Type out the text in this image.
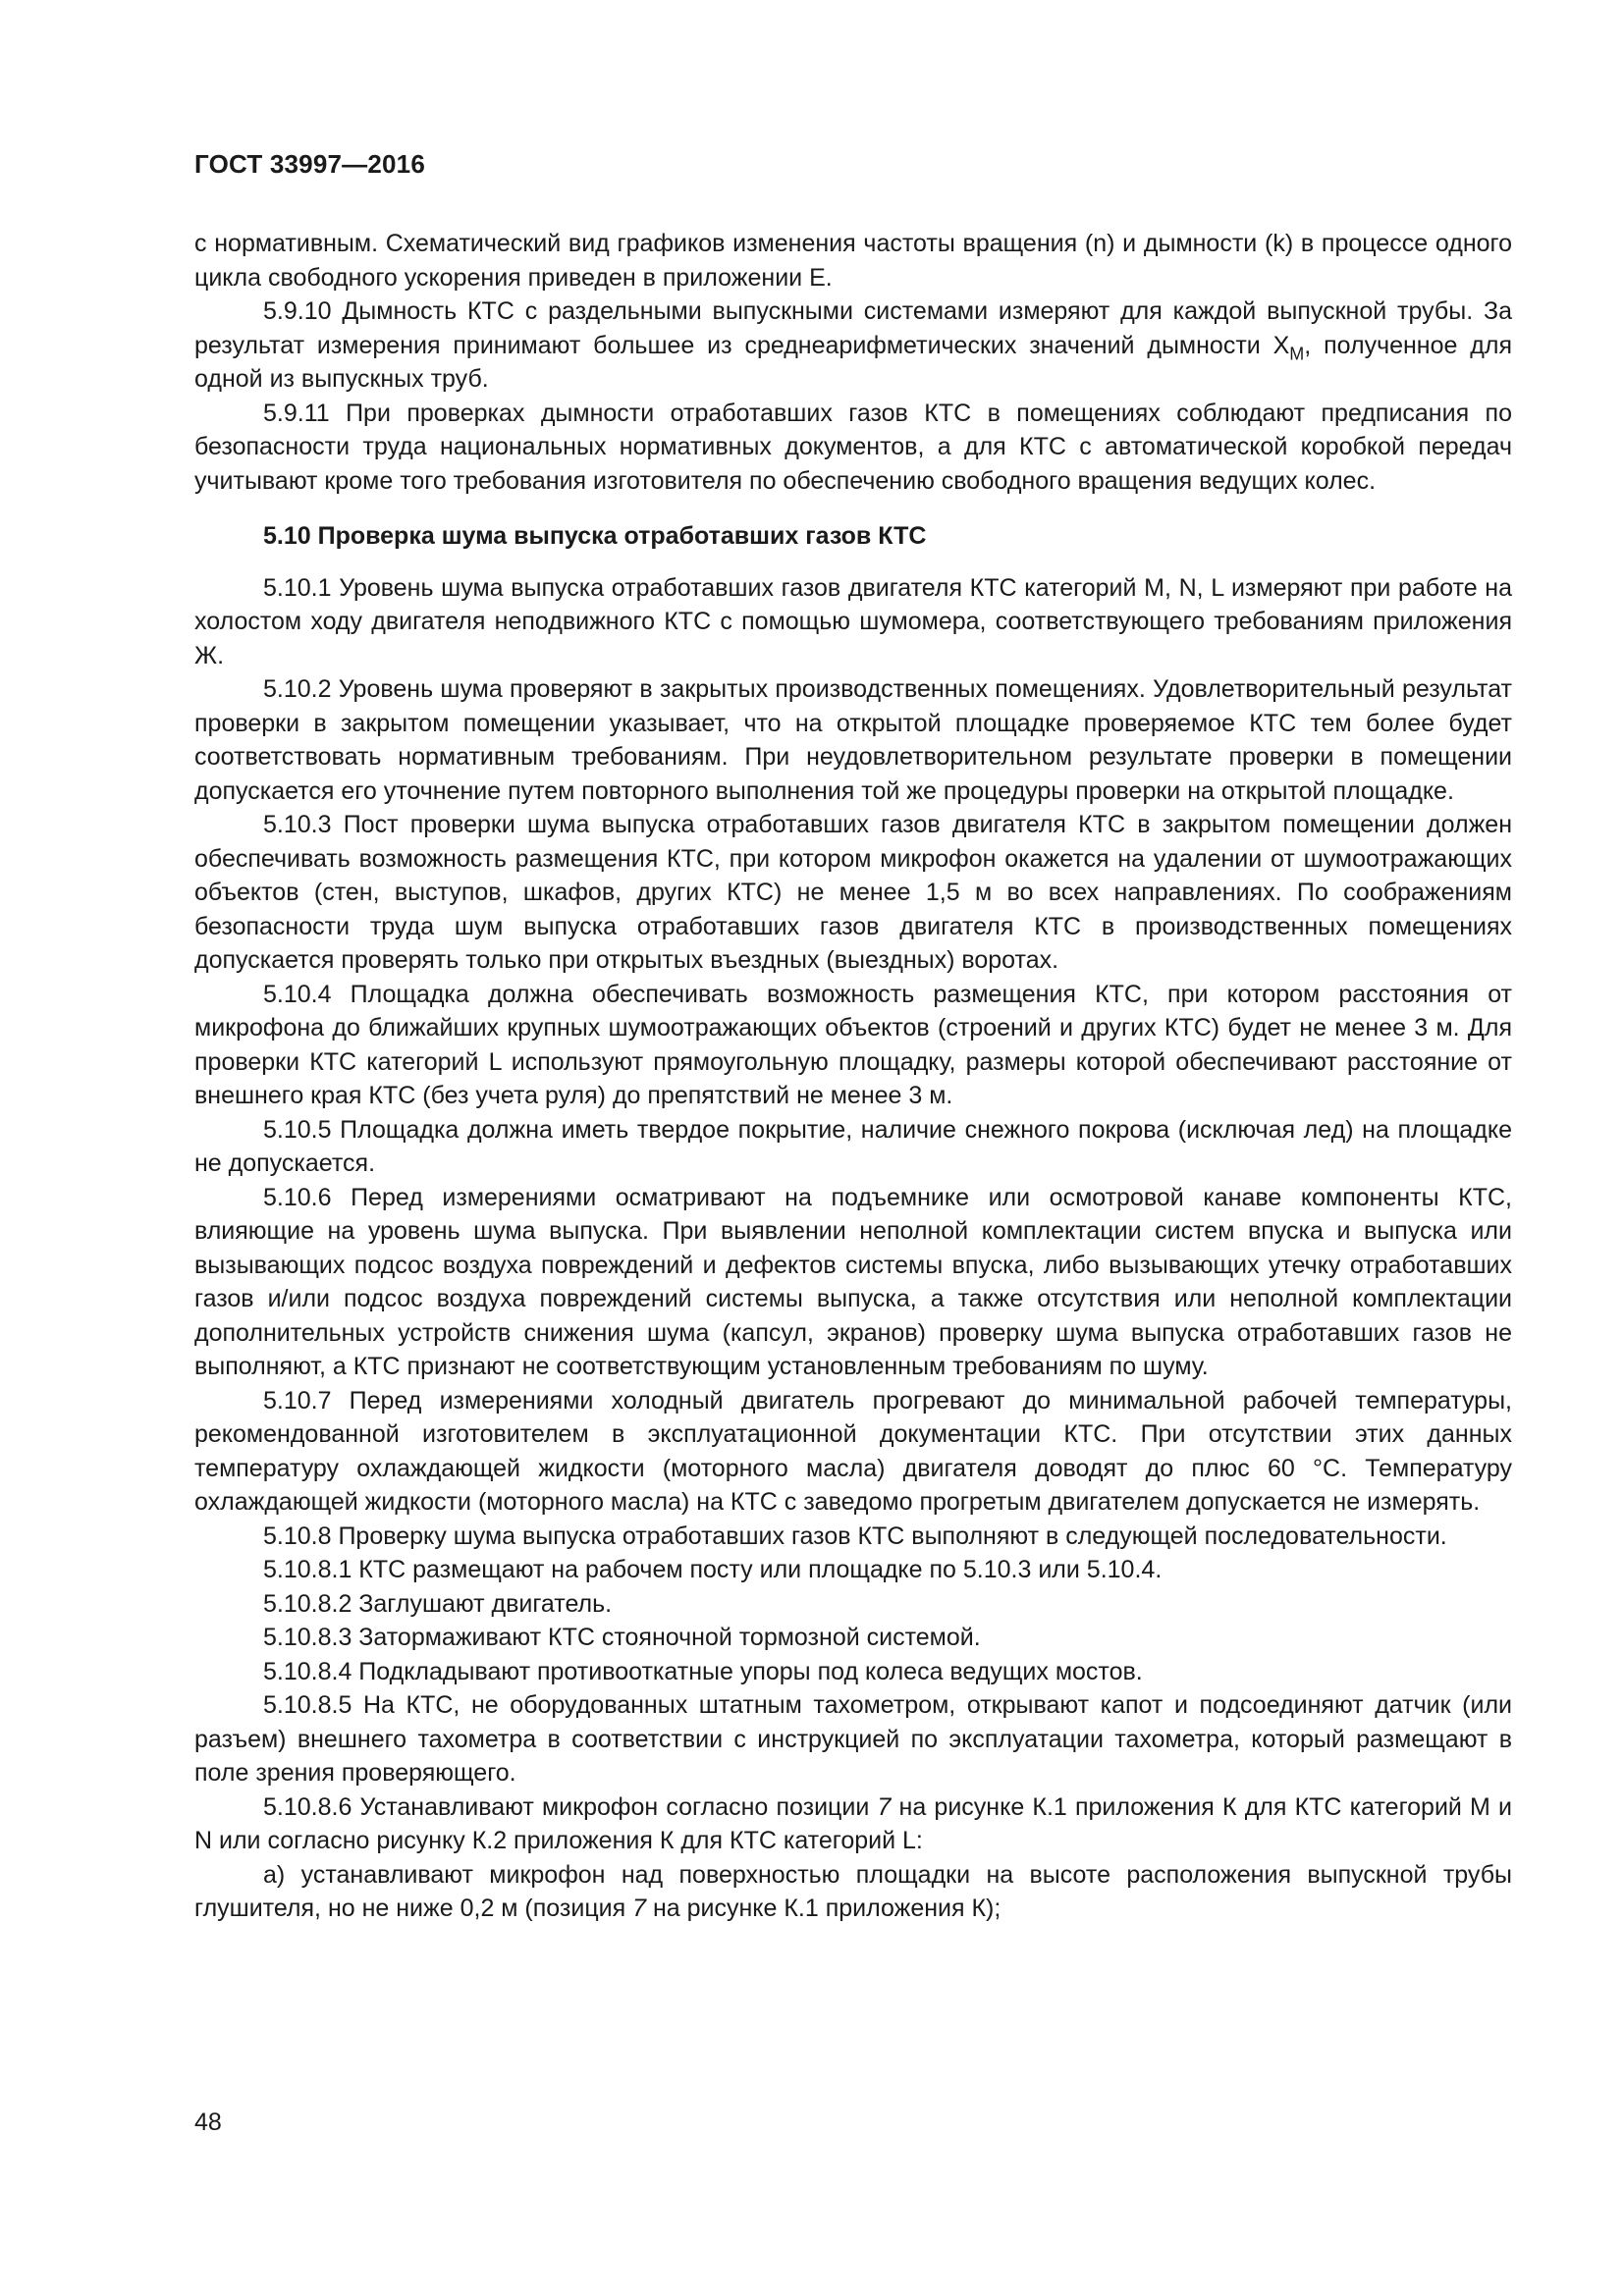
ГОСТ 33997—2016

с нормативным. Схематический вид графиков изменения частоты вращения (n) и дымности (k) в процессе одного цикла свободного ускорения приведен в приложении Е.

5.9.10 Дымность КТС с раздельными выпускными системами измеряют для каждой выпускной трубы. За результат измерения принимают большее из среднеарифметических значений дымности $X_M$, полученное для одной из выпускных труб.

5.9.11 При проверках дымности отработавших газов КТС в помещениях соблюдают предписания по безопасности труда национальных нормативных документов, а для КТС с автоматической коробкой передач учитывают кроме того требования изготовителя по обеспечению свободного вращения ведущих колес.

5.10 Проверка шума выпуска отработавших газов КТС

5.10.1 Уровень шума выпуска отработавших газов двигателя КТС категорий M, N, L измеряют при работе на холостом ходу двигателя неподвижного КТС с помощью шумомера, соответствующего требованиям приложения Ж.

5.10.2 Уровень шума проверяют в закрытых производственных помещениях. Удовлетворительный результат проверки в закрытом помещении указывает, что на открытой площадке проверяемое КТС тем более будет соответствовать нормативным требованиям. При неудовлетворительном результате проверки в помещении допускается его уточнение путем повторного выполнения той же процедуры проверки на открытой площадке.

5.10.3 Пост проверки шума выпуска отработавших газов двигателя КТС в закрытом помещении должен обеспечивать возможность размещения КТС, при котором микрофон окажется на удалении от шумоотражающих объектов (стен, выступов, шкафов, других КТС) не менее 1,5 м во всех направлениях. По соображениям безопасности труда шум выпуска отработавших газов двигателя КТС в производственных помещениях допускается проверять только при открытых въездных (выездных) воротах.

5.10.4 Площадка должна обеспечивать возможность размещения КТС, при котором расстояния от микрофона до ближайших крупных шумоотражающих объектов (строений и других КТС) будет не менее 3 м. Для проверки КТС категорий L используют прямоугольную площадку, размеры которой обеспечивают расстояние от внешнего края КТС (без учета руля) до препятствий не менее 3 м.

5.10.5 Площадка должна иметь твердое покрытие, наличие снежного покрова (исключая лед) на площадке не допускается.

5.10.6 Перед измерениями осматривают на подъемнике или осмотровой канаве компоненты КТС, влияющие на уровень шума выпуска. При выявлении неполной комплектации систем впуска и выпуска или вызывающих подсос воздуха повреждений и дефектов системы впуска, либо вызывающих утечку отработавших газов и/или подсос воздуха повреждений системы выпуска, а также отсутствия или неполной комплектации дополнительных устройств снижения шума (капсул, экранов) проверку шума выпуска отработавших газов не выполняют, а КТС признают не соответствующим установленным требованиям по шуму.

5.10.7 Перед измерениями холодный двигатель прогревают до минимальной рабочей температуры, рекомендованной изготовителем в эксплуатационной документации КТС. При отсутствии этих данных температуру охлаждающей жидкости (моторного масла) двигателя доводят до плюс 60 °С. Температуру охлаждающей жидкости (моторного масла) на КТС с заведомо прогретым двигателем допускается не измерять.

5.10.8 Проверку шума выпуска отработавших газов КТС выполняют в следующей последовательности.

5.10.8.1 КТС размещают на рабочем посту или площадке по 5.10.3 или 5.10.4.

5.10.8.2 Заглушают двигатель.

5.10.8.3 Затормаживают КТС стояночной тормозной системой.

5.10.8.4 Подкладывают противооткатные упоры под колеса ведущих мостов.

5.10.8.5 На КТС, не оборудованных штатным тахометром, открывают капот и подсоединяют датчик (или разъем) внешнего тахометра в соответствии с инструкцией по эксплуатации тахометра, который размещают в поле зрения проверяющего.

5.10.8.6 Устанавливают микрофон согласно позиции 7 на рисунке К.1 приложения К для КТС категорий M и N или согласно рисунку К.2 приложения К для КТС категорий L:

а) устанавливают микрофон над поверхностью площадки на высоте расположения выпускной трубы глушителя, но не ниже 0,2 м (позиция 7 на рисунке К.1 приложения К);

48
